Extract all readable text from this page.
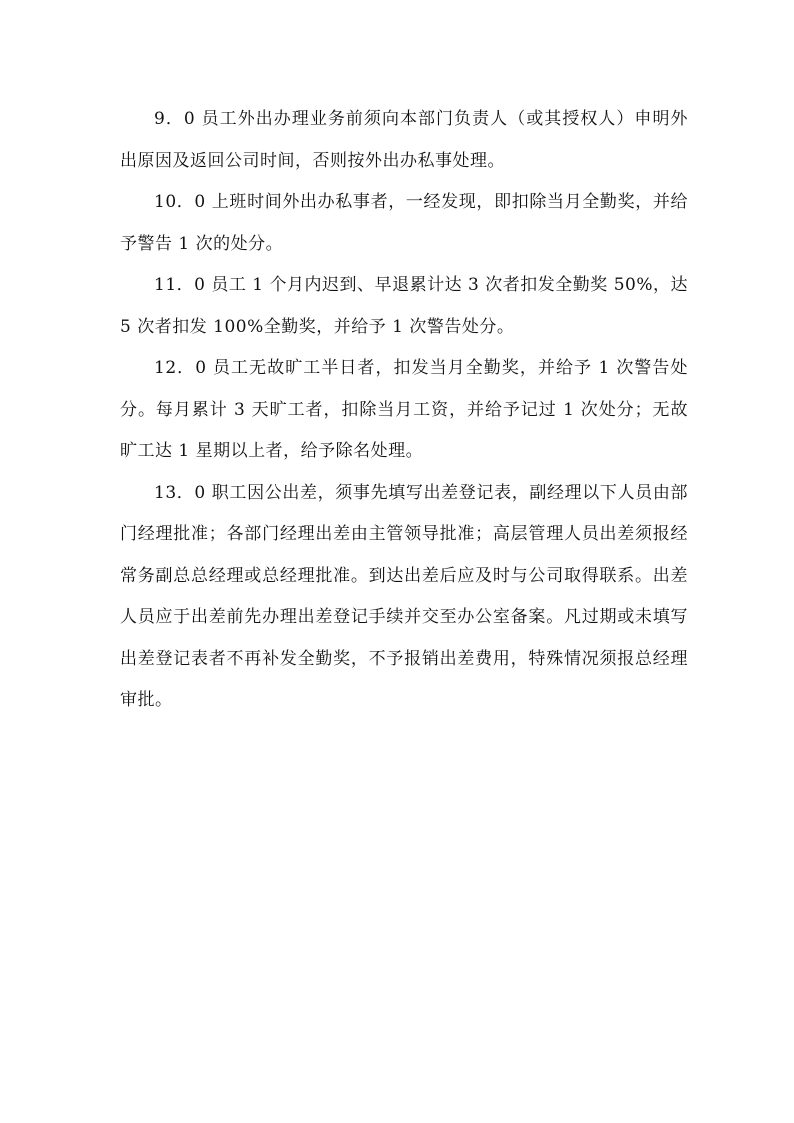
9．0 员工外出办理业务前须向本部门负责人（或其授权人）申明外出原因及返回公司时间，否则按外出办私事处理。

10．0 上班时间外出办私事者，一经发现，即扣除当月全勤奖，并给予警告 1 次的处分。

11．0 员工 1 个月内迟到、早退累计达 3 次者扣发全勤奖 50%，达 5 次者扣发 100%全勤奖，并给予 1 次警告处分。

12．0 员工无故旷工半日者，扣发当月全勤奖，并给予 1 次警告处分。每月累计 3 天旷工者，扣除当月工资，并给予记过 1 次处分；无故旷工达 1 星期以上者，给予除名处理。

13．0 职工因公出差，须事先填写出差登记表，副经理以下人员由部门经理批准；各部门经理出差由主管领导批准；高层管理人员出差须报经常务副总总经理或总经理批准。到达出差后应及时与公司取得联系。出差人员应于出差前先办理出差登记手续并交至办公室备案。凡过期或未填写出差登记表者不再补发全勤奖，不予报销出差费用，特殊情况须报总经理审批。
